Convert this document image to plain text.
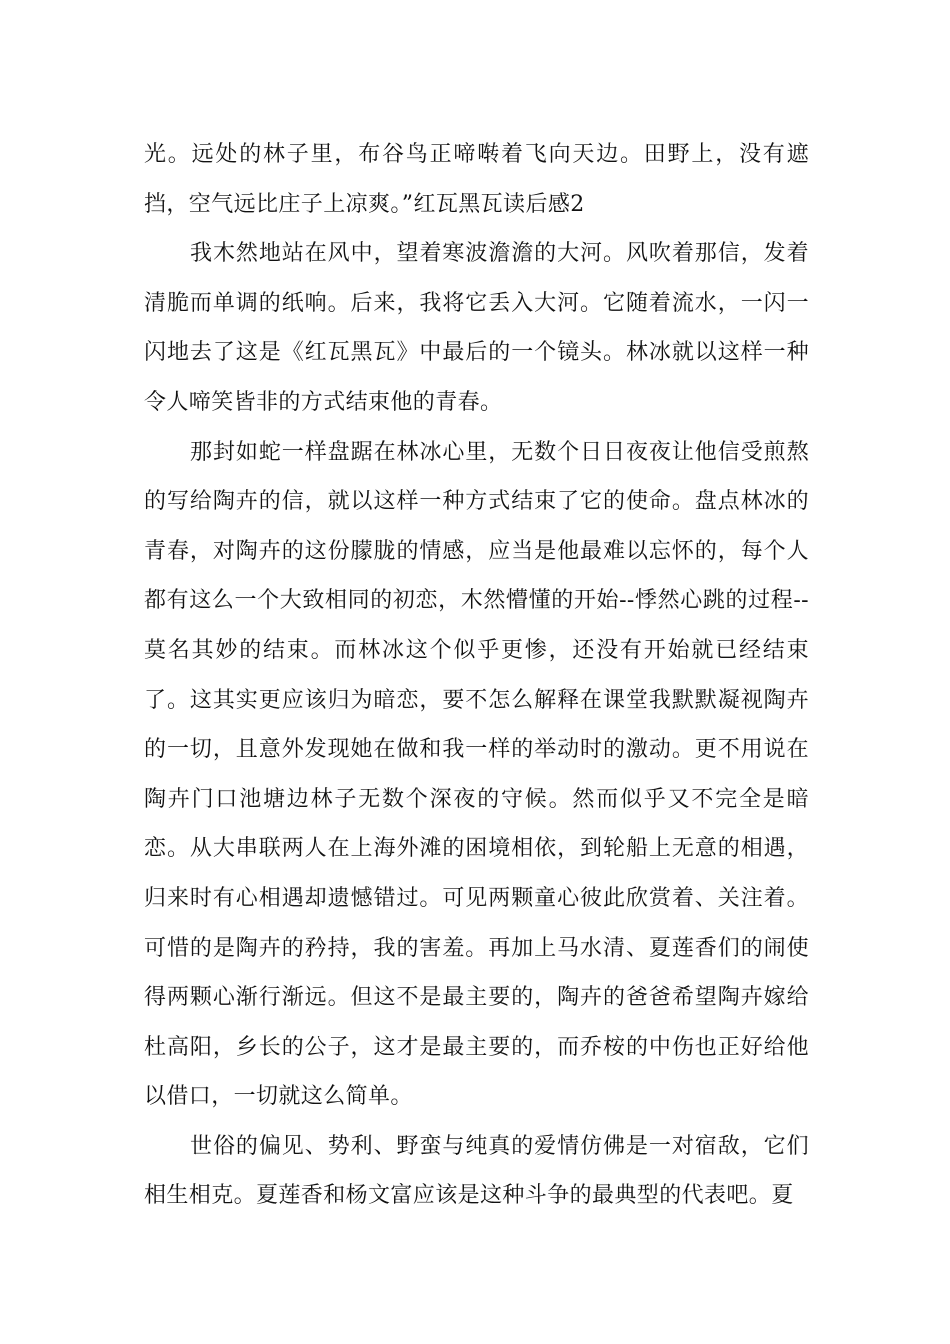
光。远处的林子里，布谷鸟正啼啭着飞向天边。田野上，没有遮挡，空气远比庄子上凉爽。”红瓦黑瓦读后感2

我木然地站在风中，望着寒波澹澹的大河。风吹着那信，发着清脆而单调的纸响。后来，我将它丢入大河。它随着流水，一闪一闪地去了这是《红瓦黑瓦》中最后的一个镜头。林冰就以这样一种令人啼笑皆非的方式结束他的青春。

那封如蛇一样盘踞在林冰心里，无数个日日夜夜让他信受煎熬的写给陶卉的信，就以这样一种方式结束了它的使命。盘点林冰的青春，对陶卉的这份朦胧的情感，应当是他最难以忘怀的，每个人都有这么一个大致相同的初恋，木然懵懂的开始--悸然心跳的过程--莫名其妙的结束。而林冰这个似乎更惨，还没有开始就已经结束了。这其实更应该归为暗恋，要不怎么解释在课堂我默默凝视陶卉的一切，且意外发现她在做和我一样的举动时的激动。更不用说在陶卉门口池塘边林子无数个深夜的守候。然而似乎又不完全是暗恋。从大串联两人在上海外滩的困境相依，到轮船上无意的相遇，归来时有心相遇却遗憾错过。可见两颗童心彼此欣赏着、关注着。可惜的是陶卉的矜持，我的害羞。再加上马水清、夏莲香们的闹使得两颗心渐行渐远。但这不是最主要的，陶卉的爸爸希望陶卉嫁给杜高阳，乡长的公子，这才是最主要的，而乔桉的中伤也正好给他以借口，一切就这么简单。

世俗的偏见、势利、野蛮与纯真的爱情仿佛是一对宿敌，它们相生相克。夏莲香和杨文富应该是这种斗争的最典型的代表吧。夏
